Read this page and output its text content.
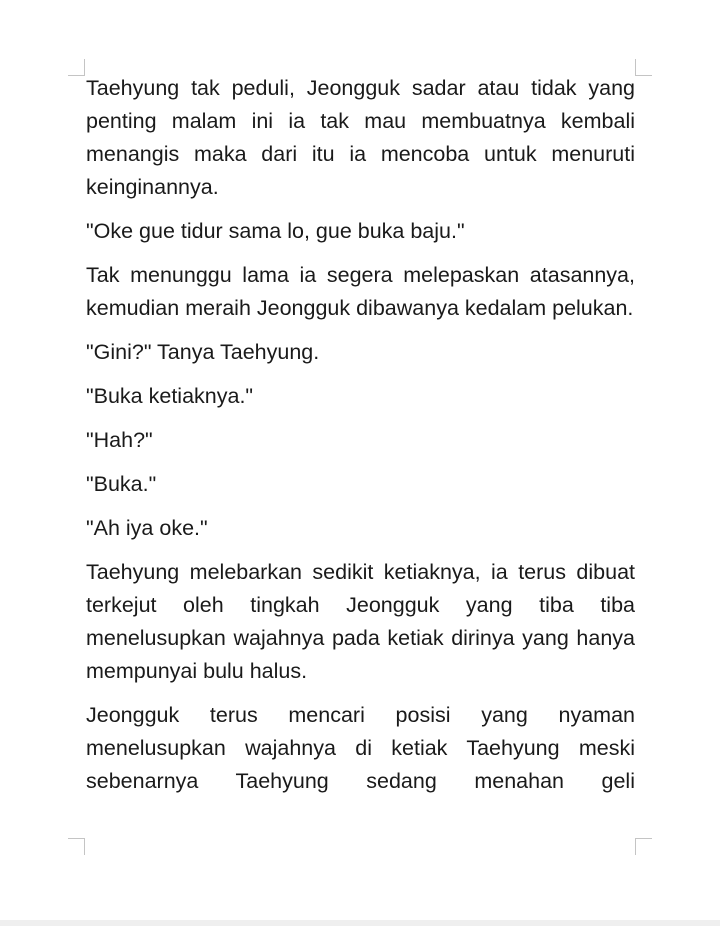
Taehyung tak peduli, Jeongguk sadar atau tidak yang penting malam ini ia tak mau membuatnya kembali menangis maka dari itu ia mencoba untuk menuruti keinginannya.

"Oke gue tidur sama lo, gue buka baju."

Tak menunggu lama ia segera melepaskan atasannya, kemudian meraih Jeongguk dibawanya kedalam pelukan.

"Gini?" Tanya Taehyung.

"Buka ketiaknya."

"Hah?"

"Buka."

"Ah iya oke."

Taehyung melebarkan sedikit ketiaknya, ia terus dibuat terkejut oleh tingkah Jeongguk yang tiba tiba menelusupkan wajahnya pada ketiak dirinya yang hanya mempunyai bulu halus.

Jeongguk terus mencari posisi yang nyaman menelusupkan wajahnya di ketiak Taehyung meski sebenarnya Taehyung sedang menahan geli
